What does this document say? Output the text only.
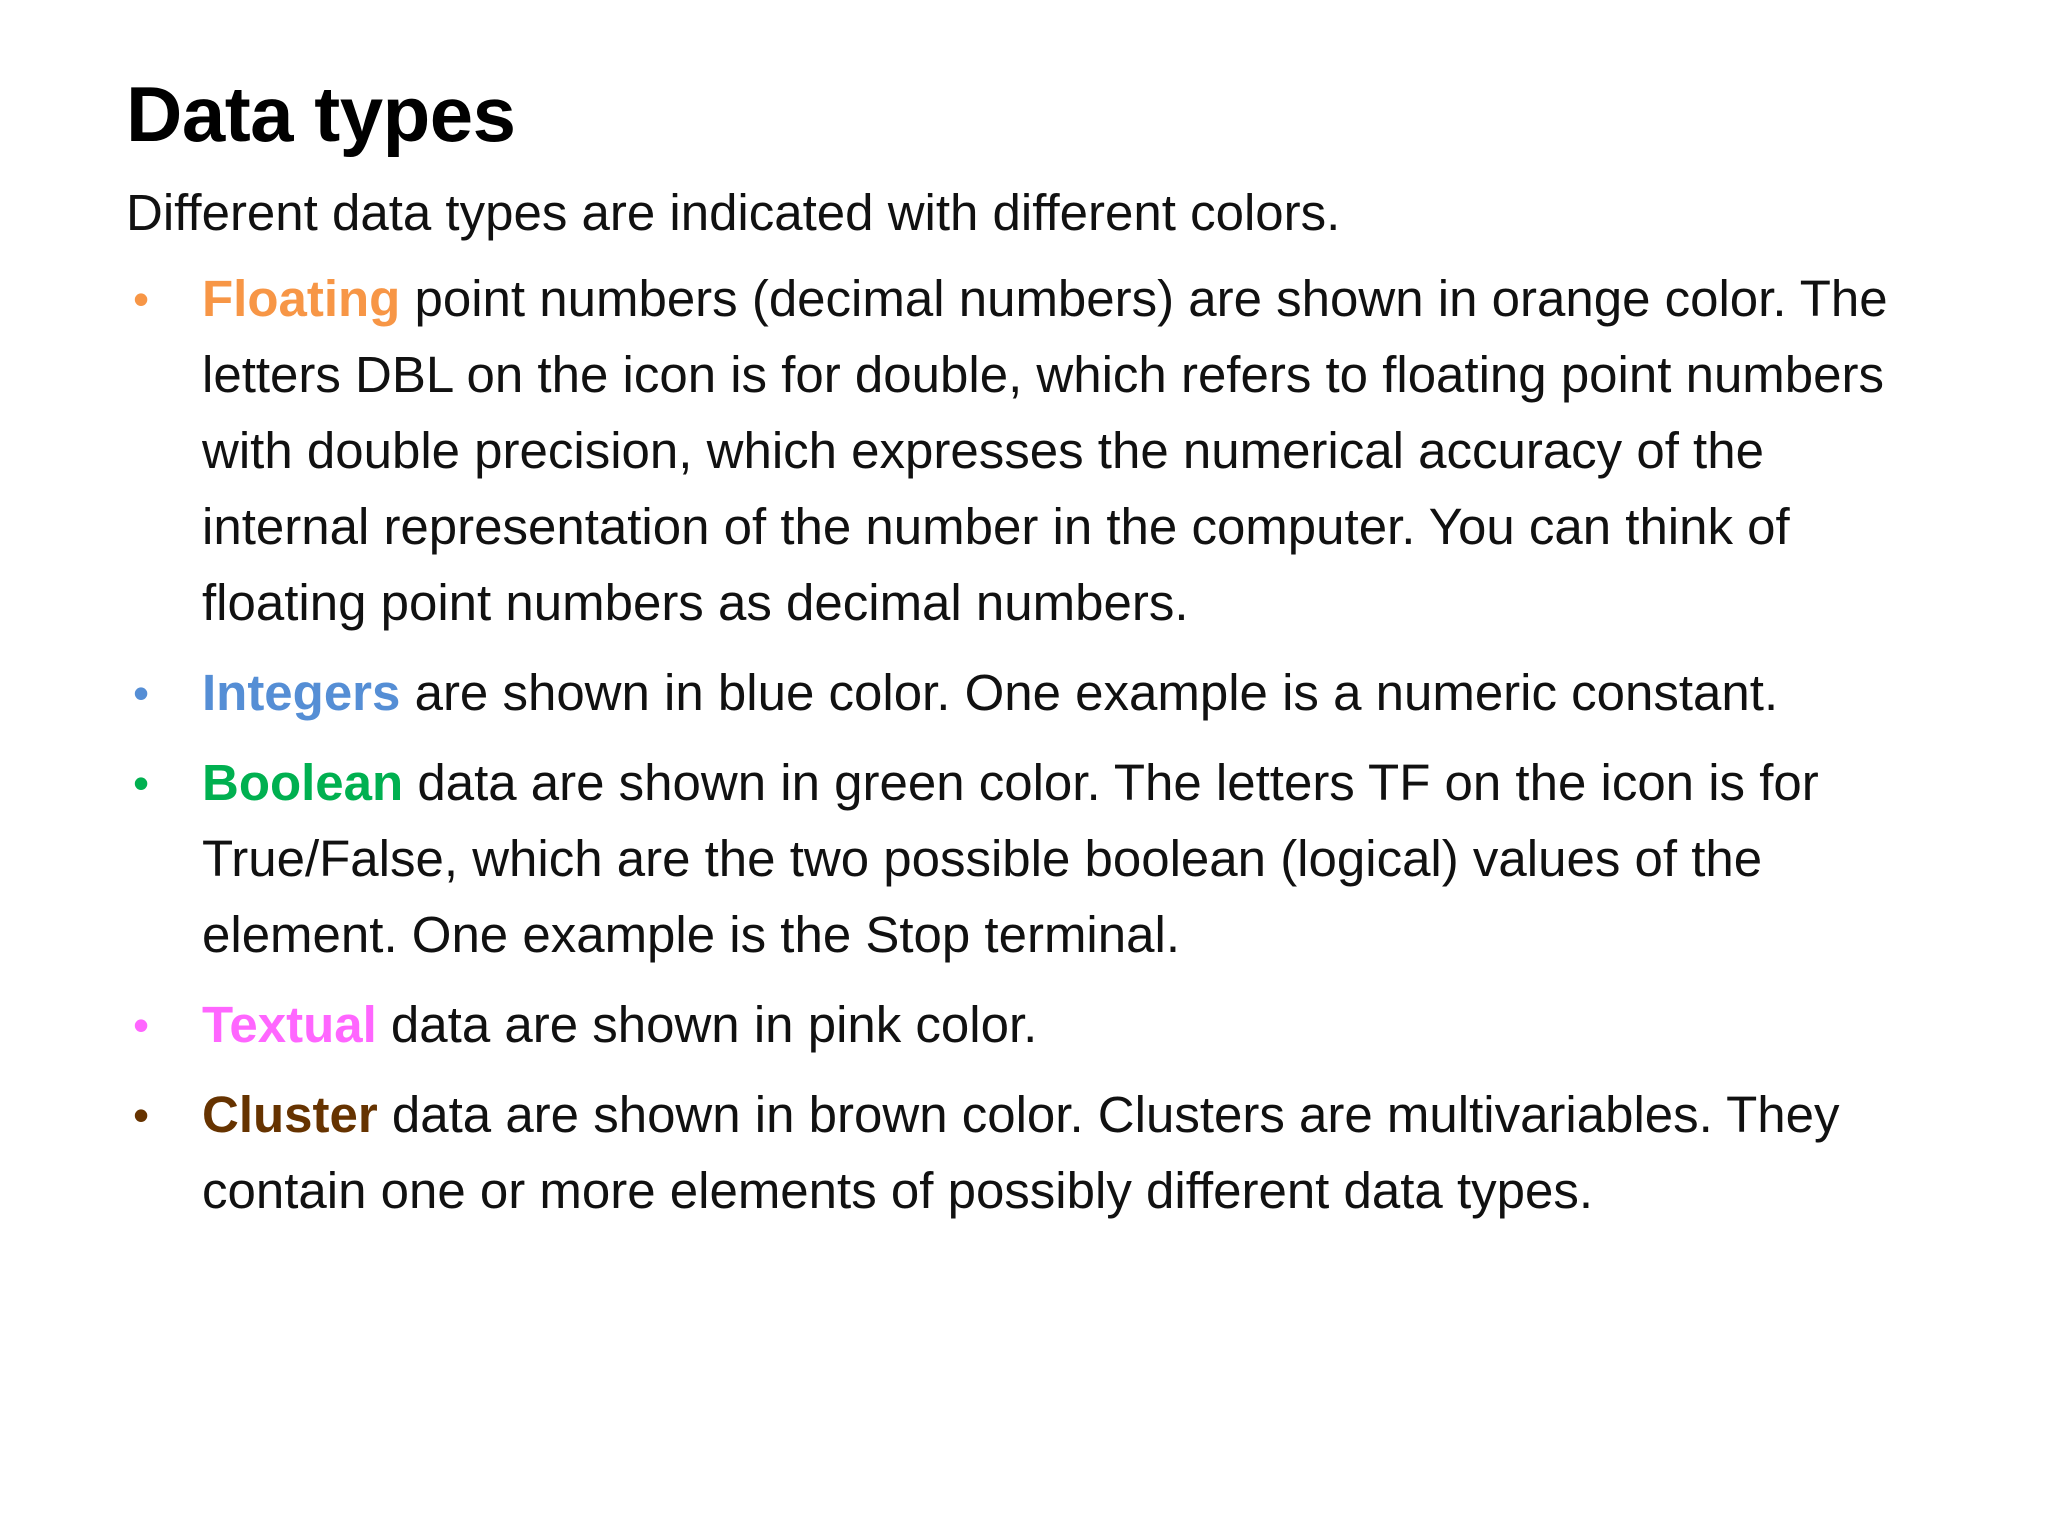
Data types

Different data types are indicated with different colors.

• Floating point numbers (decimal numbers) are shown in orange color. The letters DBL on the icon is for double, which refers to floating point numbers with double precision, which expresses the numerical accuracy of the internal representation of the number in the computer. You can think of floating point numbers as decimal numbers.
• Integers are shown in blue color. One example is a numeric constant.
• Boolean data are shown in green color. The letters TF on the icon is for True/False, which are the two possible boolean (logical) values of the element. One example is the Stop terminal.
• Textual data are shown in pink color.
• Cluster data are shown in brown color. Clusters are multivariables. They contain one or more elements of possibly different data types.
